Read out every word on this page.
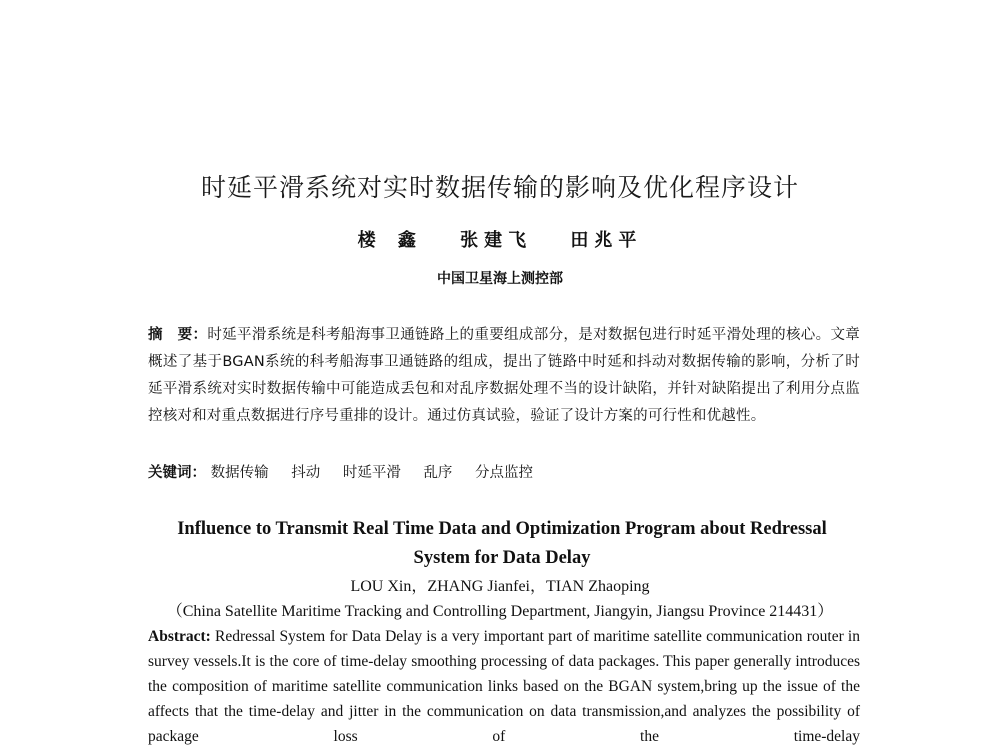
时延平滑系统对实时数据传输的影响及优化程序设计
楼 鑫 张建飞 田兆平
中国卫星海上测控部
摘　要：时延平滑系统是科考船海事卫通链路上的重要组成部分，是对数据包进行时延平滑处理的核心。文章概述了基于BGAN系统的科考船海事卫通链路的组成，提出了链路中时延和抖动对数据传输的影响，分析了时延平滑系统对实时数据传输中可能造成丢包和对乱序数据处理不当的设计缺陷，并针对缺陷提出了利用分点监控核对和对重点数据进行序号重排的设计。通过仿真试验，验证了设计方案的可行性和优越性。
关键词： 数据传输 抖动 时延平滑 乱序 分点监控
Influence to Transmit Real Time Data and Optimization Program about Redressal System for Data Delay
LOU Xin，ZHANG Jianfei，TIAN Zhaoping
（China Satellite Maritime Tracking and Controlling Department, Jiangyin, Jiangsu Province 214431）
Abstract: Redressal System for Data Delay is a very important part of maritime satellite communication router in survey vessels.It is the core of time-delay smoothing processing of data packages. This paper generally introduces the composition of maritime satellite communication links based on the BGAN system,bring up the issue of the affects that the time-delay and jitter in the communication on data transmission,and analyzes the possibility of package loss of the time-delay
